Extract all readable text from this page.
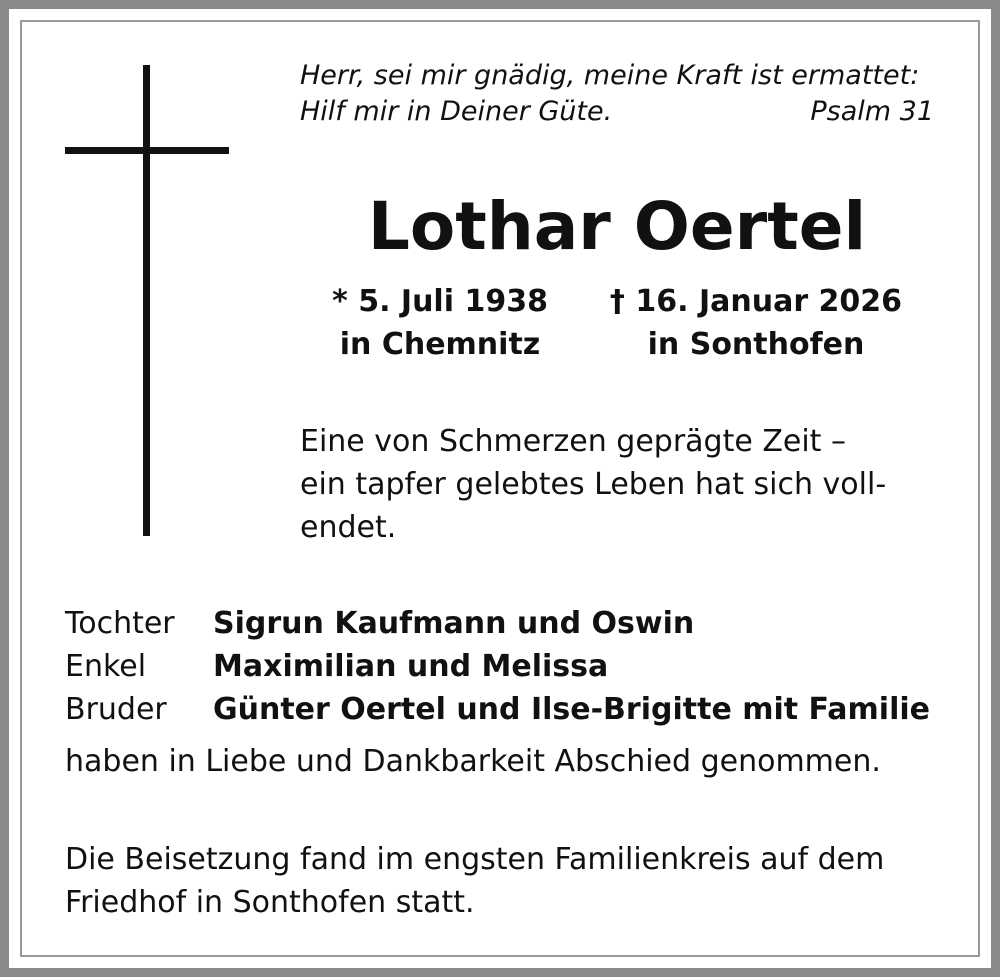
Herr, sei mir gnädig, meine Kraft ist ermattet:
Hilf mir in Deiner Güte.	Psalm 31
Lothar Oertel
* 5. Juli 1938
in Chemnitz
† 16. Januar 2026
in Sonthofen
Eine von Schmerzen geprägte Zeit –
ein tapfer gelebtes Leben hat sich voll-
endet.
Tochter	Sigrun Kaufmann und Oswin
Enkel	Maximilian und Melissa
Bruder	Günter Oertel und Ilse-Brigitte mit Familie
haben in Liebe und Dankbarkeit Abschied genommen.
Die Beisetzung fand im engsten Familienkreis auf dem
Friedhof in Sonthofen statt.
